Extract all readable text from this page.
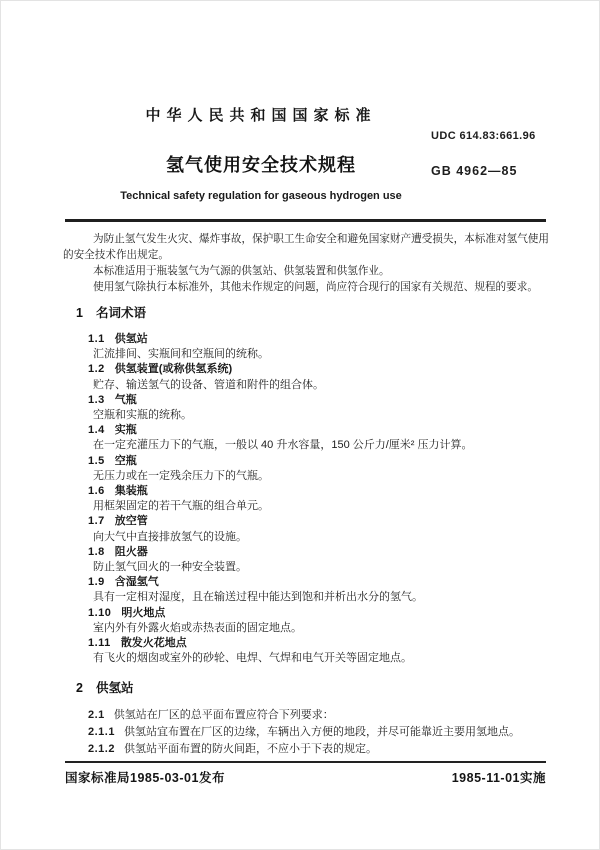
中华人民共和国国家标准
氢气使用安全技术规程
Technical safety regulation for gaseous hydrogen use
UDC 614.83:661.96
GB 4962—85

为防止氢气发生火灾、爆炸事故，保护职工生命安全和避免国家财产遭受损失，本标准对氢气使用的安全技术作出规定。

本标准适用于瓶装氢气为气源的供氢站、供氢装置和供氢作业。

使用氢气除执行本标准外，其他未作规定的问题，尚应符合现行的国家有关规范、规程的要求。

1 名词术语
1.1 供氢站
汇流排间、实瓶间和空瓶间的统称。
1.2 供氢装置(或称供氢系统)
贮存、输送氢气的设备、管道和附件的组合体。
1.3 气瓶
空瓶和实瓶的统称。
1.4 实瓶
在一定充灌压力下的气瓶，一般以 40 升水容量，150 公斤力/厘米² 压力计算。
1.5 空瓶
无压力或在一定残余压力下的气瓶。
1.6 集装瓶
用框架固定的若干气瓶的组合单元。
1.7 放空管
向大气中直接排放氢气的设施。
1.8 阻火器
防止氢气回火的一种安全装置。
1.9 含湿氢气
具有一定相对湿度，且在输送过程中能达到饱和并析出水分的氢气。
1.10 明火地点
室内外有外露火焰或赤热表面的固定地点。
1.11 散发火花地点
有飞火的烟囱或室外的砂轮、电焊、气焊和电气开关等固定地点。
2 供氢站
2.1 供氢站在厂区的总平面布置应符合下列要求：
2.1.1 供氢站宜布置在厂区的边缘，车辆出入方便的地段，并尽可能靠近主要用氢地点。
2.1.2 供氢站平面布置的防火间距，不应小于下表的规定。
国家标准局1985-03-01发布	1985-11-01实施
